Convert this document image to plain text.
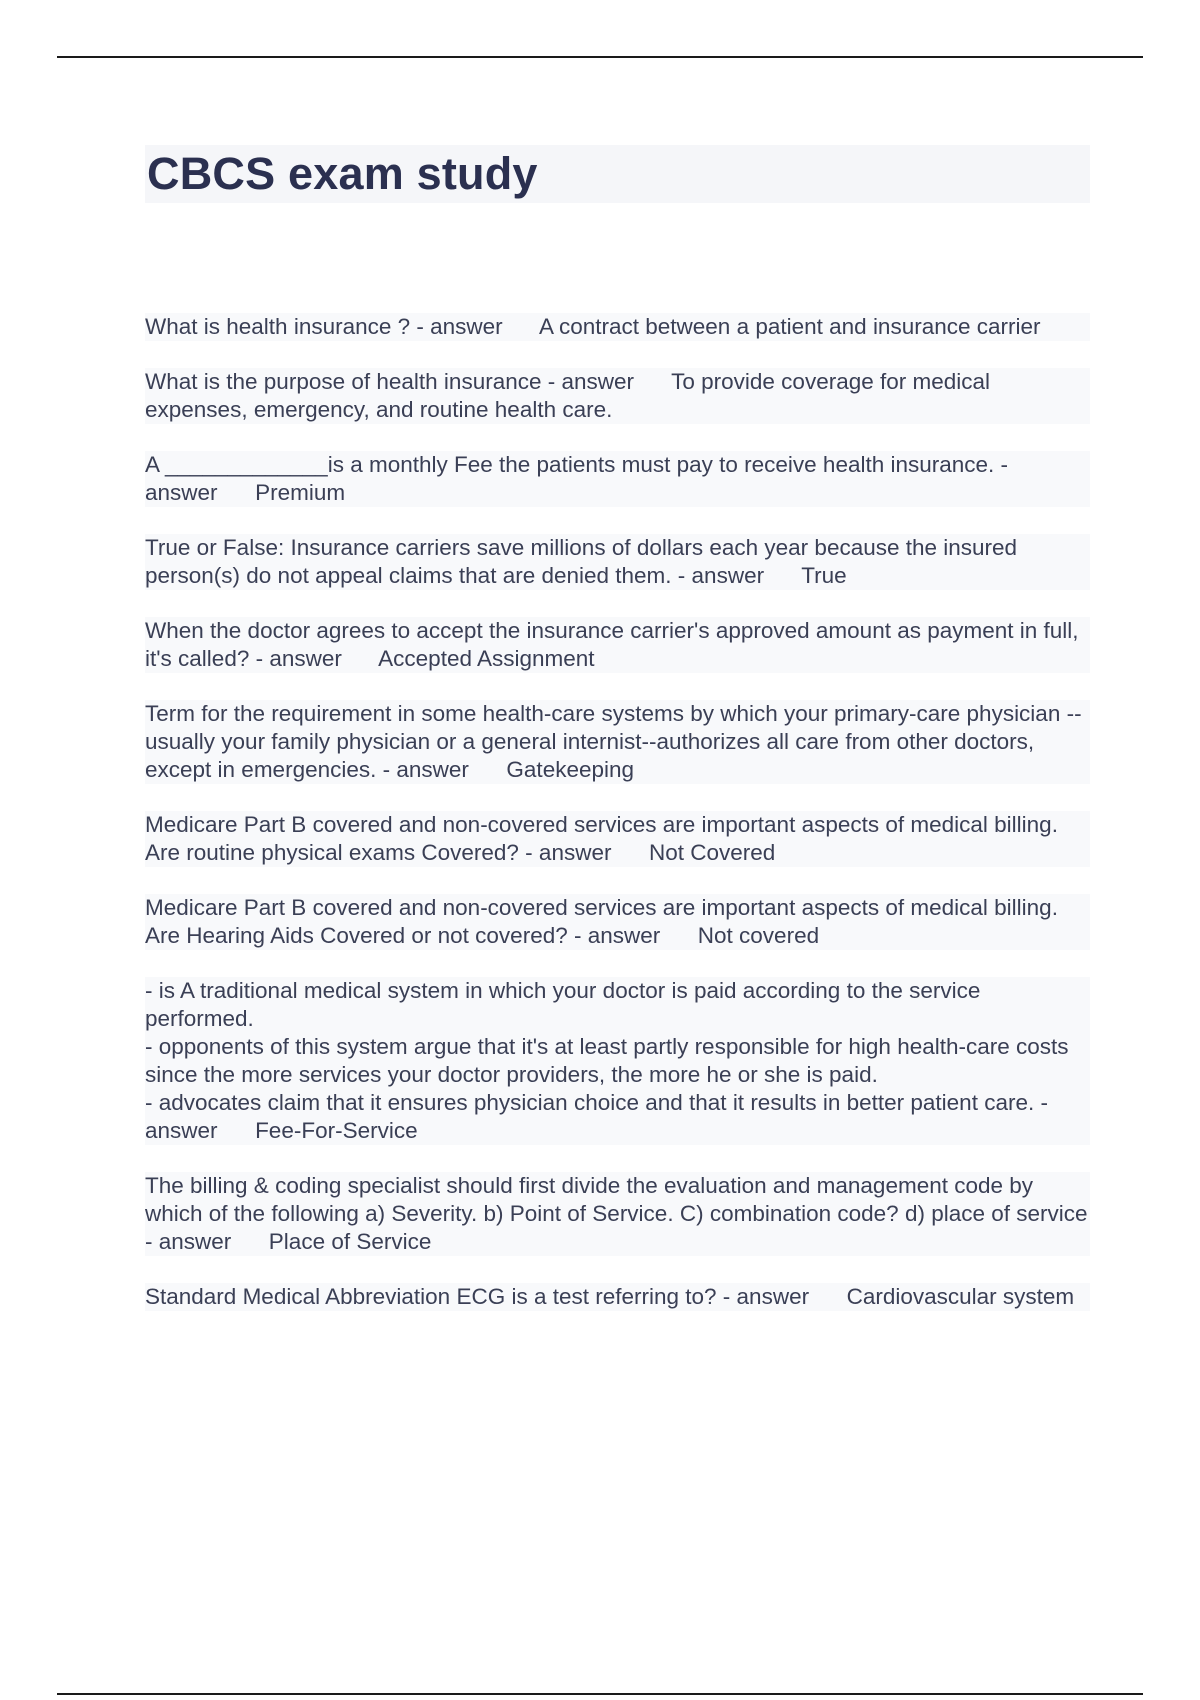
CBCS exam study

What is health insurance ? - answer A contract between a patient and insurance carrier

What is the purpose of health insurance - answer To provide coverage for medical expenses, emergency, and routine health care.

A _____________is a monthly Fee the patients must pay to receive health insurance. - answer Premium

True or False: Insurance carriers save millions of dollars each year because the insured person(s) do not appeal claims that are denied them. - answer True

When the doctor agrees to accept the insurance carrier's approved amount as payment in full, it's called? - answer Accepted Assignment

Term for the requirement in some health-care systems by which your primary-care physician --usually your family physician or a general internist--authorizes all care from other doctors, except in emergencies. - answer Gatekeeping

Medicare Part B covered and non-covered services are important aspects of medical billing. Are routine physical exams Covered? - answer Not Covered

Medicare Part B covered and non-covered services are important aspects of medical billing. Are Hearing Aids Covered or not covered? - answer Not covered

- is A traditional medical system in which your doctor is paid according to the service performed.
- opponents of this system argue that it's at least partly responsible for high health-care costs since the more services your doctor providers, the more he or she is paid.
- advocates claim that it ensures physician choice and that it results in better patient care. - answer Fee-For-Service

The billing & coding specialist should first divide the evaluation and management code by which of the following a) Severity. b) Point of Service. C) combination code? d) place of service - answer Place of Service

Standard Medical Abbreviation ECG is a test referring to? - answer Cardiovascular system
